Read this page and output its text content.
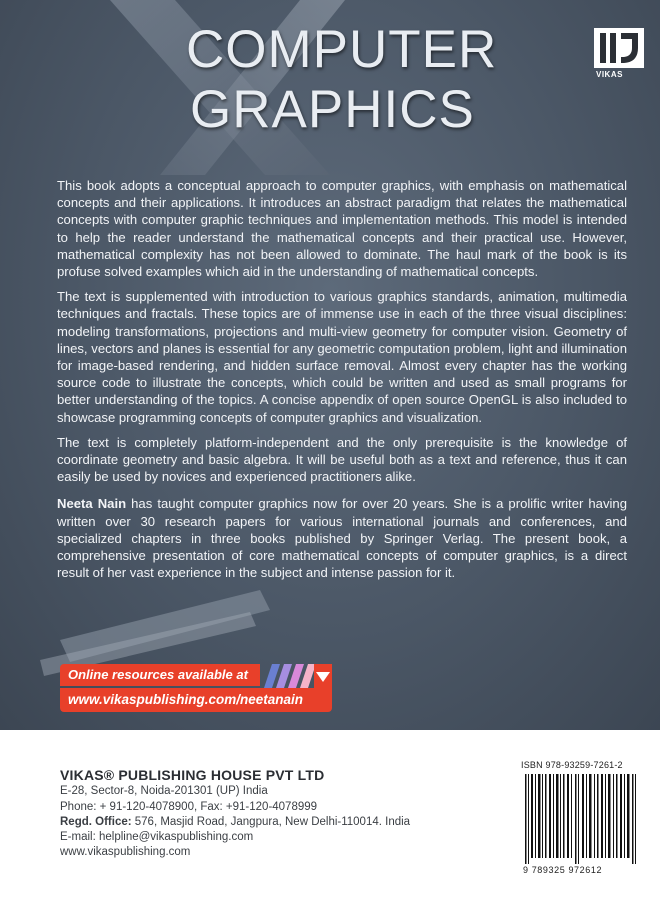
COMPUTER
GRAPHICS
VIKAS

This book adopts a conceptual approach to computer graphics, with emphasis on mathematical concepts and their applications. It introduces an abstract paradigm that relates the mathematical concepts with computer graphic techniques and implementation methods. This model is intended to help the reader understand the mathematical concepts and their practical use. However, mathematical complexity has not been allowed to dominate. The haul mark of the book is its profuse solved examples which aid in the understanding of mathematical concepts.

The text is supplemented with introduction to various graphics standards, animation, multimedia techniques and fractals. These topics are of immense use in each of the three visual disciplines: modeling transformations, projections and multi-view geometry for computer vision. Geometry of lines, vectors and planes is essential for any geometric computation problem, light and illumination for image-based rendering, and hidden surface removal. Almost every chapter has the working source code to illustrate the concepts, which could be written and used as small programs for better understanding of the topics. A concise appendix of open source OpenGL is also included to showcase programming concepts of computer graphics and visualization.

The text is completely platform-independent and the only prerequisite is the knowledge of coordinate geometry and basic algebra. It will be useful both as a text and reference, thus it can easily be used by novices and experienced practitioners alike.

Neeta Nain has taught computer graphics now for over 20 years. She is a prolific writer having written over 30 research papers for various international journals and conferences, and specialized chapters in three books published by Springer Verlag. The present book, a comprehensive presentation of core mathematical concepts of computer graphics, is a direct result of her vast experience in the subject and intense passion for it.

Online resources available at
www.vikaspublishing.com/neetanain
VIKAS® PUBLISHING HOUSE PVT LTD
E-28, Sector-8, Noida-201301 (UP) India
Phone: + 91-120-4078900, Fax: +91-120-4078999
Regd. Office: 576, Masjid Road, Jangpura, New Delhi-110014. India
E-mail: helpline@vikaspublishing.com
www.vikaspublishing.com
ISBN 978-93259-7261-2
9 789325 972612
